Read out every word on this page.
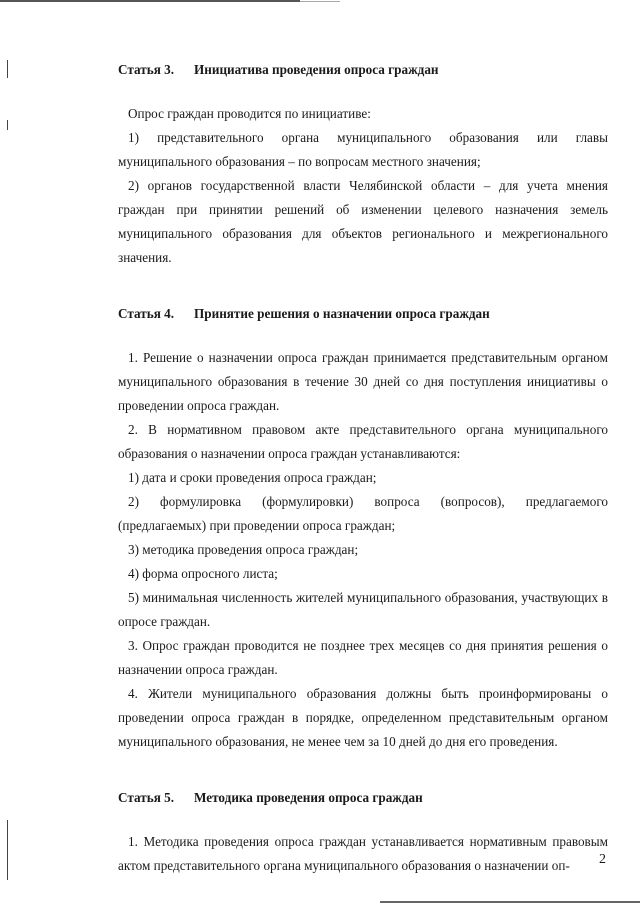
Статья 3.	Инициатива проведения опроса граждан

Опрос граждан проводится по инициативе:

1) представительного органа муниципального образования или главы муниципального образования – по вопросам местного значения;

2) органов государственной власти Челябинской области – для учета мнения граждан при принятии решений об изменении целевого назначения земель муниципального образования для объектов регионального и межрегионального значения.

Статья 4.	Принятие решения о назначении опроса граждан

1. Решение о назначении опроса граждан принимается представительным органом муниципального образования в течение 30 дней со дня поступления инициативы о проведении опроса граждан.

2. В нормативном правовом акте представительного органа муниципального образования о назначении опроса граждан устанавливаются:

1) дата и сроки проведения опроса граждан;

2) формулировка (формулировки) вопроса (вопросов), предлагаемого (предлагаемых) при проведении опроса граждан;

3) методика проведения опроса граждан;

4) форма опросного листа;

5) минимальная численность жителей муниципального образования, участвующих в опросе граждан.

3. Опрос граждан проводится не позднее трех месяцев со дня принятия решения о назначении опроса граждан.

4. Жители муниципального образования должны быть проинформированы о проведении опроса граждан в порядке, определенном представительным органом муниципального образования, не менее чем за 10 дней до дня его проведения.

Статья 5.	Методика проведения опроса граждан

1. Методика проведения опроса граждан устанавливается нормативным правовым актом представительного органа муниципального образования о назначении оп-	2
